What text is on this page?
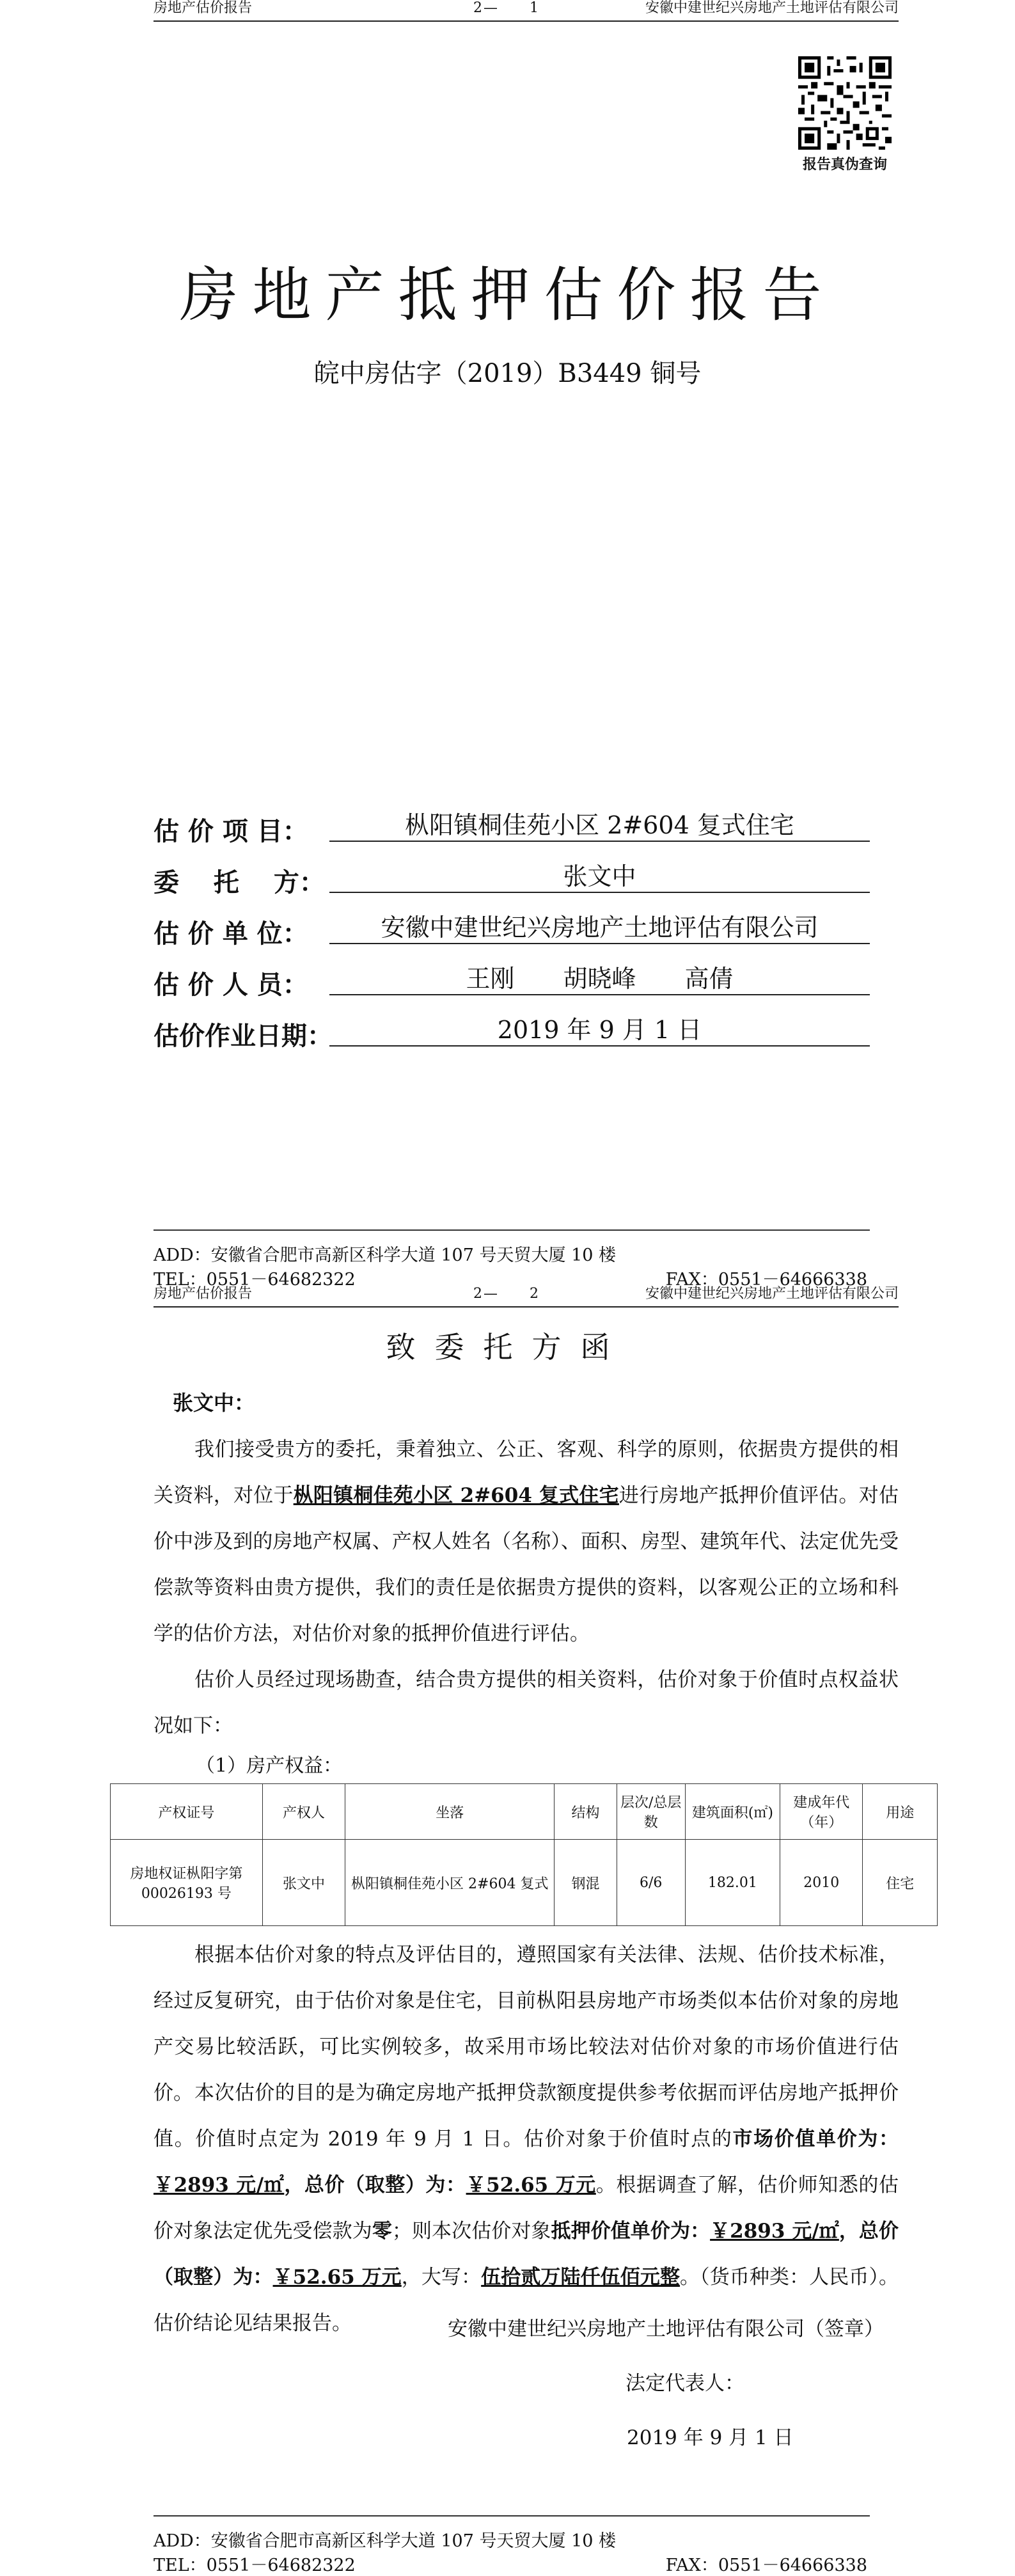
房地产估价报告	2—　　1	安徽中建世纪兴房地产土地评估有限公司
报告真伪查询
房地产抵押估价报告
皖中房估字（2019）B3449 铜号
估 价 项 目：	枞阳镇桐佳苑小区 2#604 复式住宅
委　 托　 方：	张文中
估 价 单 位：	安徽中建世纪兴房地产土地评估有限公司
估 价 人 员：	王刚　　胡晓峰　　高倩
估价作业日期：	2019 年 9 月 1 日
ADD：安徽省合肥市高新区科学大道 107 号天贸大厦 10 楼
TEL：0551－64682322	FAX：0551－64666338
房地产估价报告	2—　　2	安徽中建世纪兴房地产土地评估有限公司
致委托方函
张文中：
我们接受贵方的委托，秉着独立、公正、客观、科学的原则，依据贵方提供的相关资料，对位于枞阳镇桐佳苑小区 2#604 复式住宅进行房地产抵押价值评估。对估价中涉及到的房地产权属、产权人姓名（名称）、面积、房型、建筑年代、法定优先受偿款等资料由贵方提供，我们的责任是依据贵方提供的资料，以客观公正的立场和科学的估价方法，对估价对象的抵押价值进行评估。
估价人员经过现场勘查，结合贵方提供的相关资料，估价对象于价值时点权益状况如下：
（1）房产权益：
产权证号	产权人	坐落	结构	层次/总层数	建筑面积(㎡)	建成年代（年）	用途
房地权证枞阳字第 00026193 号	张文中	枞阳镇桐佳苑小区 2#604 复式	钢混	6/6	182.01	2010	住宅
根据本估价对象的特点及评估目的，遵照国家有关法律、法规、估价技术标准，经过反复研究，由于估价对象是住宅，目前枞阳县房地产市场类似本估价对象的房地产交易比较活跃，可比实例较多，故采用市场比较法对估价对象的市场价值进行估价。 本次估价的目的是为确定房地产抵押贷款额度提供参考依据而评估房地产抵押价值。价值时点定为 2019 年 9 月 1 日。估价对象于价值时点的市场价值单价为：￥2893 元/㎡，总价（取整）为：￥52.65 万元。根据调查了解，估价师知悉的估价对象法定优先受偿款为零；则本次估价对象抵押价值单价为：￥2893 元/㎡，总价（取整）为：￥52.65 万元，大写：伍拾贰万陆仟伍佰元整。（货币种类：人民币）。估价结论见结果报告。	安徽中建世纪兴房地产土地评估有限公司（签章）
法定代表人：
2019 年 9 月 1 日
ADD：安徽省合肥市高新区科学大道 107 号天贸大厦 10 楼
TEL：0551－64682322	FAX：0551－64666338
